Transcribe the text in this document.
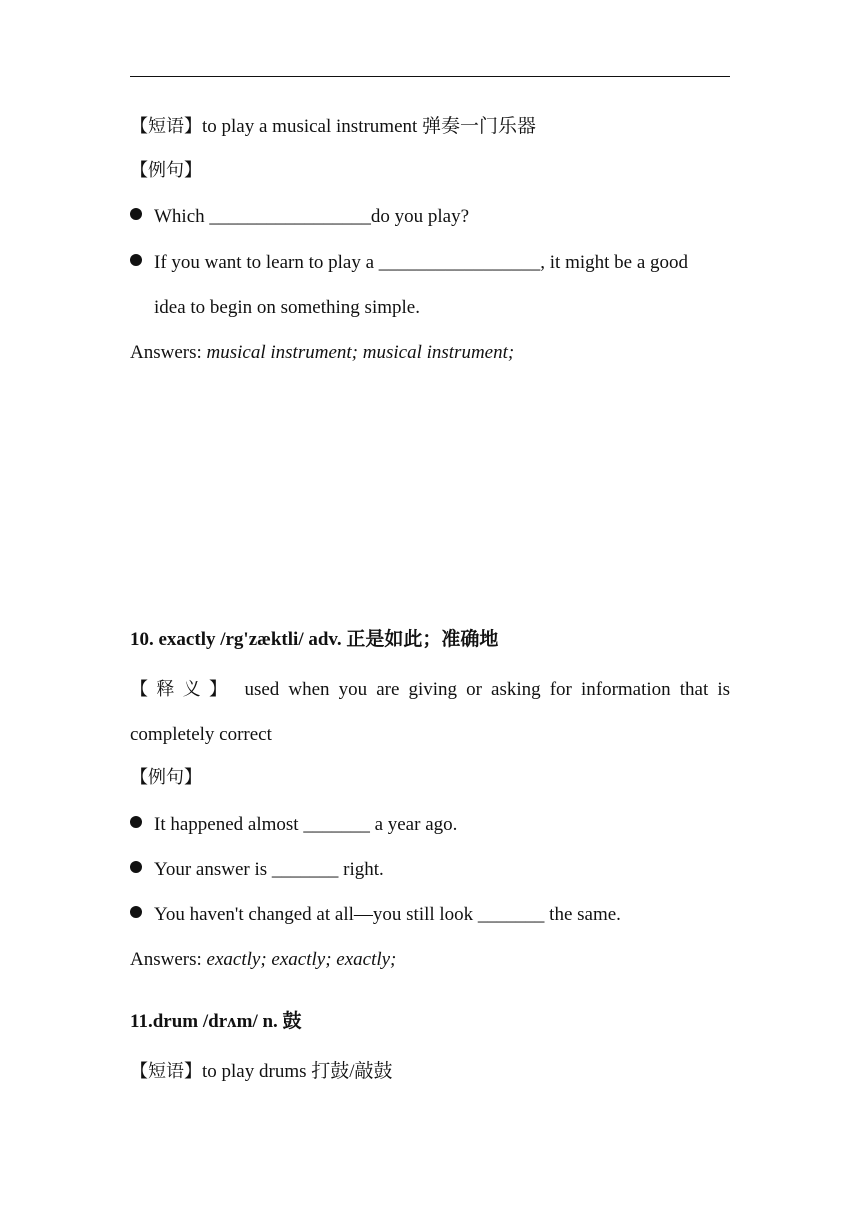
【短语】to play a musical instrument 弹奏一门乐器
【例句】
Which _________________do you play?
If you want to learn to play a _________________, it might be a good
idea to begin on something simple.
Answers: musical instrument; musical instrument;
10. exactly /rg'zæktli/ adv. 正是如此；准确地
【释义】 used when you are giving or asking for information that is
completely correct
【例句】
It happened almost _______ a year ago.
Your answer is _______ right.
You haven't changed at all—you still look _______ the same.
Answers: exactly; exactly; exactly;
11.drum /drʌm/ n. 鼓
【短语】to play drums 打鼓/敲鼓
